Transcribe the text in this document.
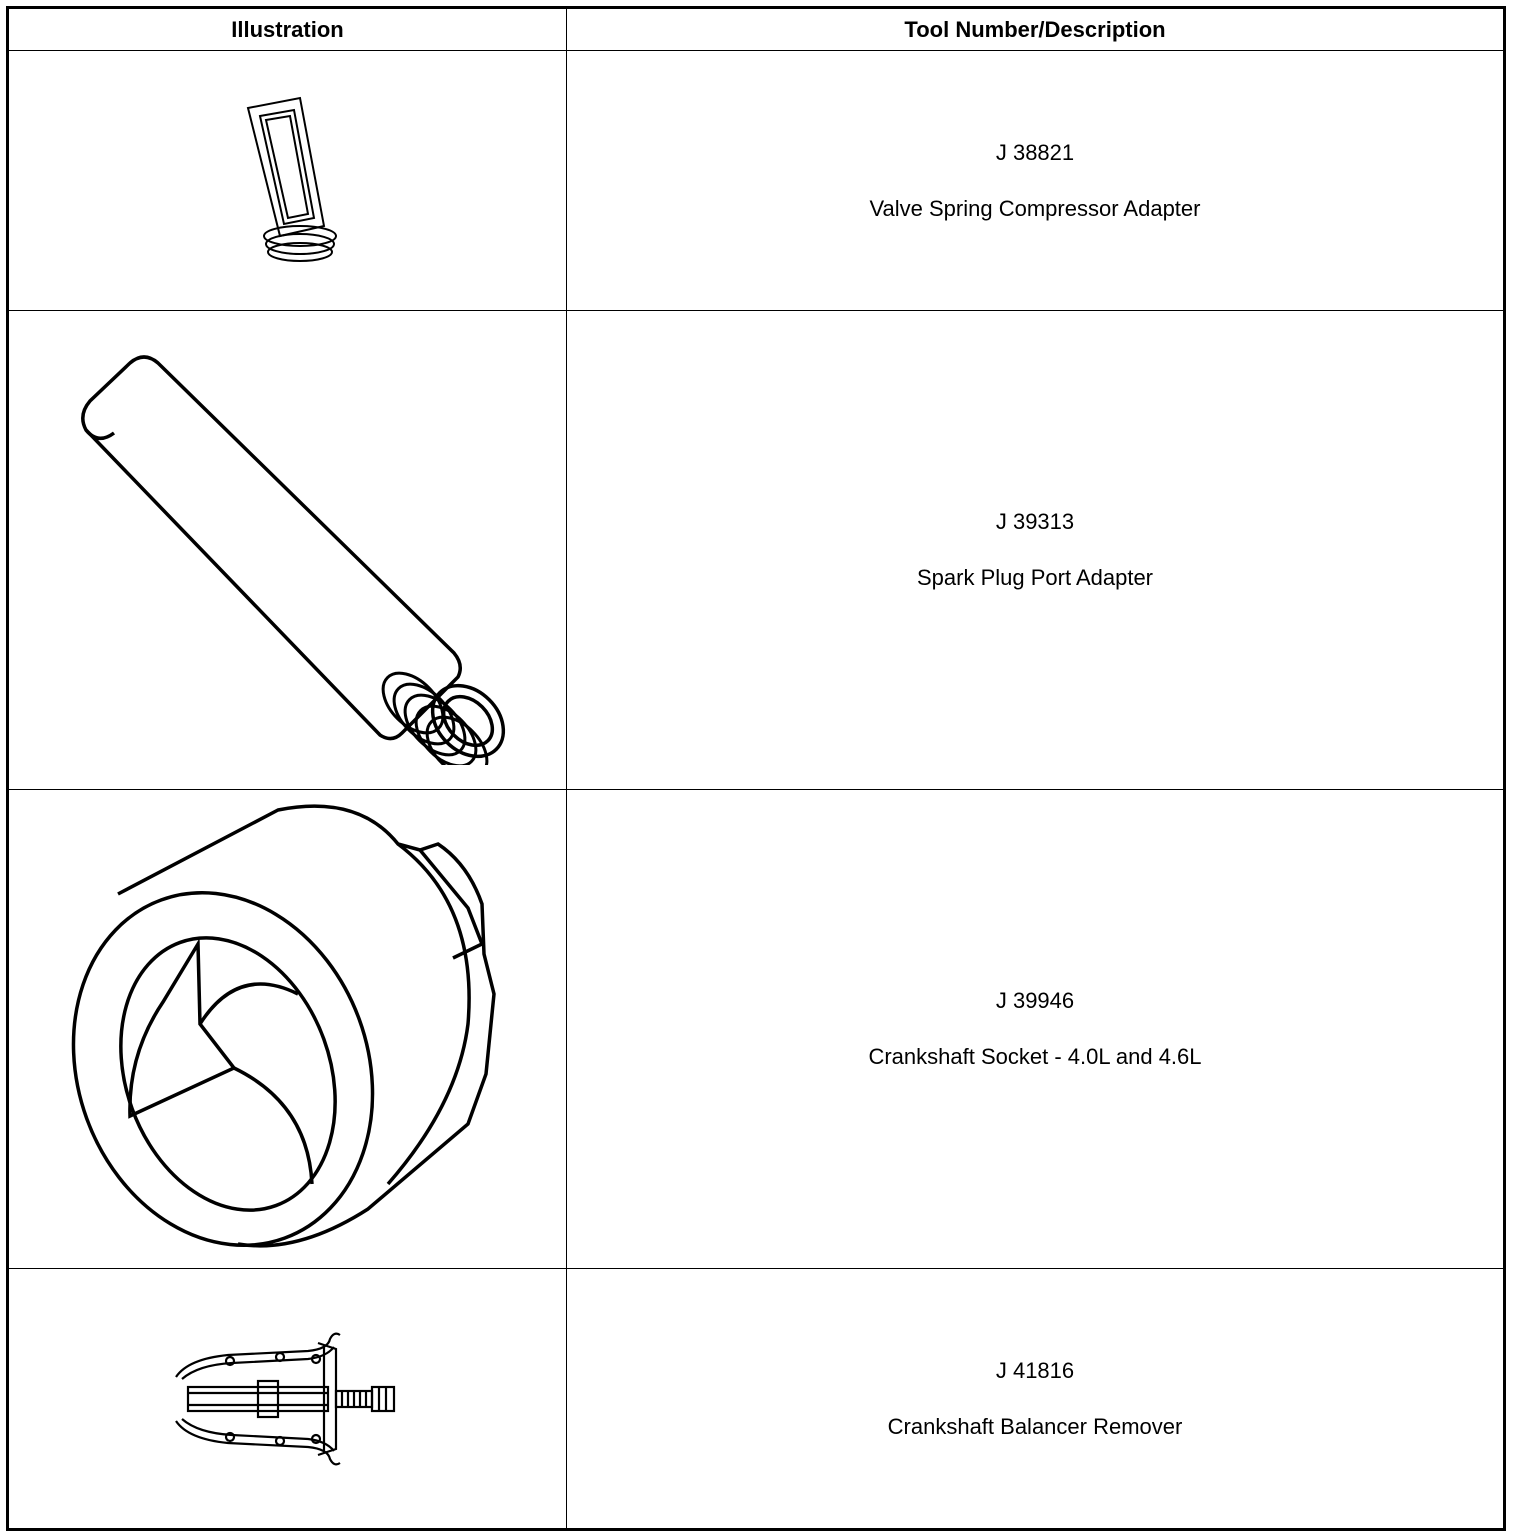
Illustration	Tool Number/Description

J 38821
Valve Spring Compressor Adapter

J 39313
Spark Plug Port Adapter

J 39946
Crankshaft Socket - 4.0L and 4.6L

J 41816
Crankshaft Balancer Remover
